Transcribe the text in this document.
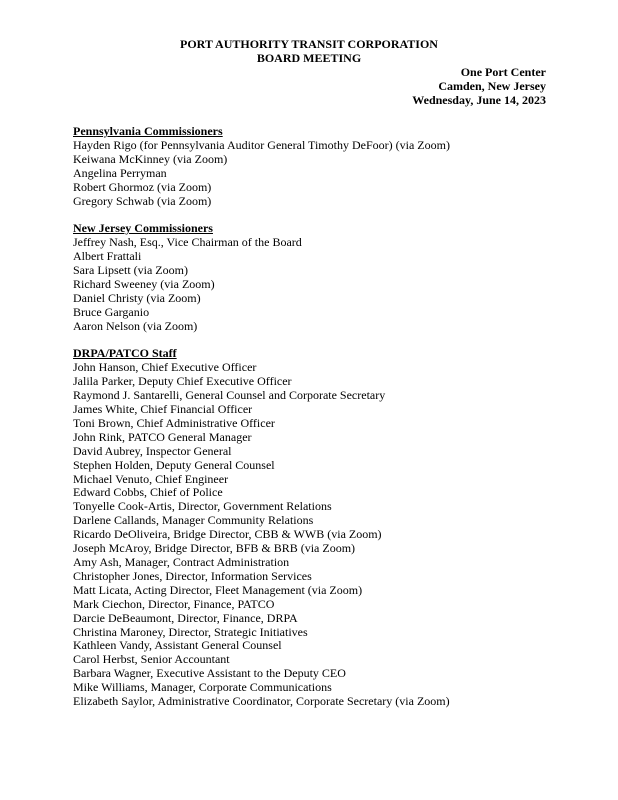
PORT AUTHORITY TRANSIT CORPORATION
BOARD MEETING
One Port Center
Camden, New Jersey
Wednesday, June 14, 2023
Pennsylvania Commissioners
Hayden Rigo (for Pennsylvania Auditor General Timothy DeFoor) (via Zoom)
Keiwana McKinney (via Zoom)
Angelina Perryman
Robert Ghormoz (via Zoom)
Gregory Schwab (via Zoom)
New Jersey Commissioners
Jeffrey Nash, Esq., Vice Chairman of the Board
Albert Frattali
Sara Lipsett (via Zoom)
Richard Sweeney (via Zoom)
Daniel Christy (via Zoom)
Bruce Garganio
Aaron Nelson (via Zoom)
DRPA/PATCO Staff
John Hanson, Chief Executive Officer
Jalila Parker, Deputy Chief Executive Officer
Raymond J. Santarelli, General Counsel and Corporate Secretary
James White, Chief Financial Officer
Toni Brown, Chief Administrative Officer
John Rink, PATCO General Manager
David Aubrey, Inspector General
Stephen Holden, Deputy General Counsel
Michael Venuto, Chief Engineer
Edward Cobbs, Chief of Police
Tonyelle Cook-Artis, Director, Government Relations
Darlene Callands, Manager Community Relations
Ricardo DeOliveira, Bridge Director, CBB & WWB (via Zoom)
Joseph McAroy, Bridge Director, BFB & BRB (via Zoom)
Amy Ash, Manager, Contract Administration
Christopher Jones, Director, Information Services
Matt Licata, Acting Director, Fleet Management (via Zoom)
Mark Ciechon, Director, Finance, PATCO
Darcie DeBeaumont, Director, Finance, DRPA
Christina Maroney, Director, Strategic Initiatives
Kathleen Vandy, Assistant General Counsel
Carol Herbst, Senior Accountant
Barbara Wagner, Executive Assistant to the Deputy CEO
Mike Williams, Manager, Corporate Communications
Elizabeth Saylor, Administrative Coordinator, Corporate Secretary (via Zoom)
